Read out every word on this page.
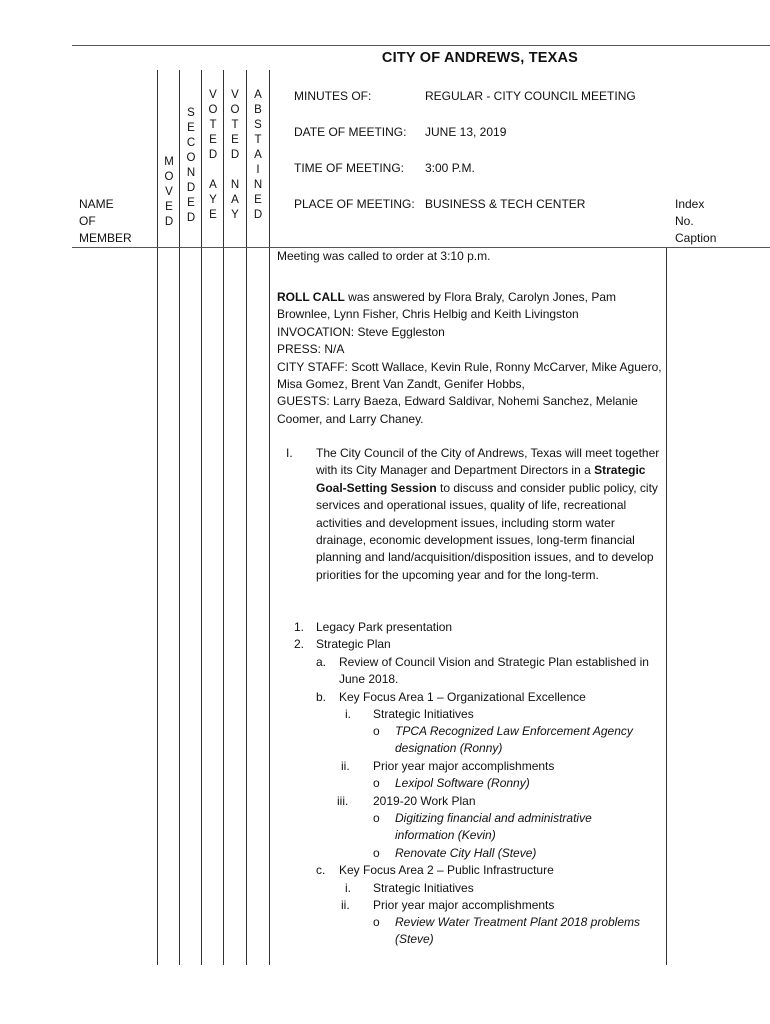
CITY OF ANDREWS, TEXAS
M
O
V
E
D
S
E
C
O
N
D
E
D
V
O
T
E
D
A
Y
E
V
O
T
E
D
N
A
Y
A
B
S
T
A
I
N
E
D
NAME
OF
MEMBER
Index
No.
Caption
MINUTES OF:	REGULAR - CITY COUNCIL MEETING
DATE OF MEETING: JUNE 13, 2019
TIME OF MEETING: 3:00 P.M.
PLACE OF MEETING: BUSINESS & TECH CENTER
Meeting was called to order at 3:10 p.m.
ROLL CALL was answered by Flora Braly, Carolyn Jones, Pam Brownlee, Lynn Fisher, Chris Helbig and Keith Livingston
INVOCATION: Steve Eggleston
PRESS: N/A
CITY STAFF: Scott Wallace, Kevin Rule, Ronny McCarver, Mike Aguero, Misa Gomez, Brent Van Zandt, Genifer Hobbs,
GUESTS: Larry Baeza, Edward Saldivar, Nohemi Sanchez, Melanie Coomer, and Larry Chaney.
I. The City Council of the City of Andrews, Texas will meet together with its City Manager and Department Directors in a Strategic Goal-Setting Session to discuss and consider public policy, city services and operational issues, quality of life, recreational activities and development issues, including storm water drainage, economic development issues, long-term financial planning and land/acquisition/disposition issues, and to develop priorities for the upcoming year and for the long-term.
1. Legacy Park presentation
2. Strategic Plan
a. Review of Council Vision and Strategic Plan established in June 2018.
b. Key Focus Area 1 – Organizational Excellence
i. Strategic Initiatives
o TPCA Recognized Law Enforcement Agency designation (Ronny)
ii. Prior year major accomplishments
o Lexipol Software (Ronny)
iii. 2019-20 Work Plan
o Digitizing financial and administrative information (Kevin)
o Renovate City Hall (Steve)
c. Key Focus Area 2 – Public Infrastructure
i. Strategic Initiatives
ii. Prior year major accomplishments
o Review Water Treatment Plant 2018 problems (Steve)
